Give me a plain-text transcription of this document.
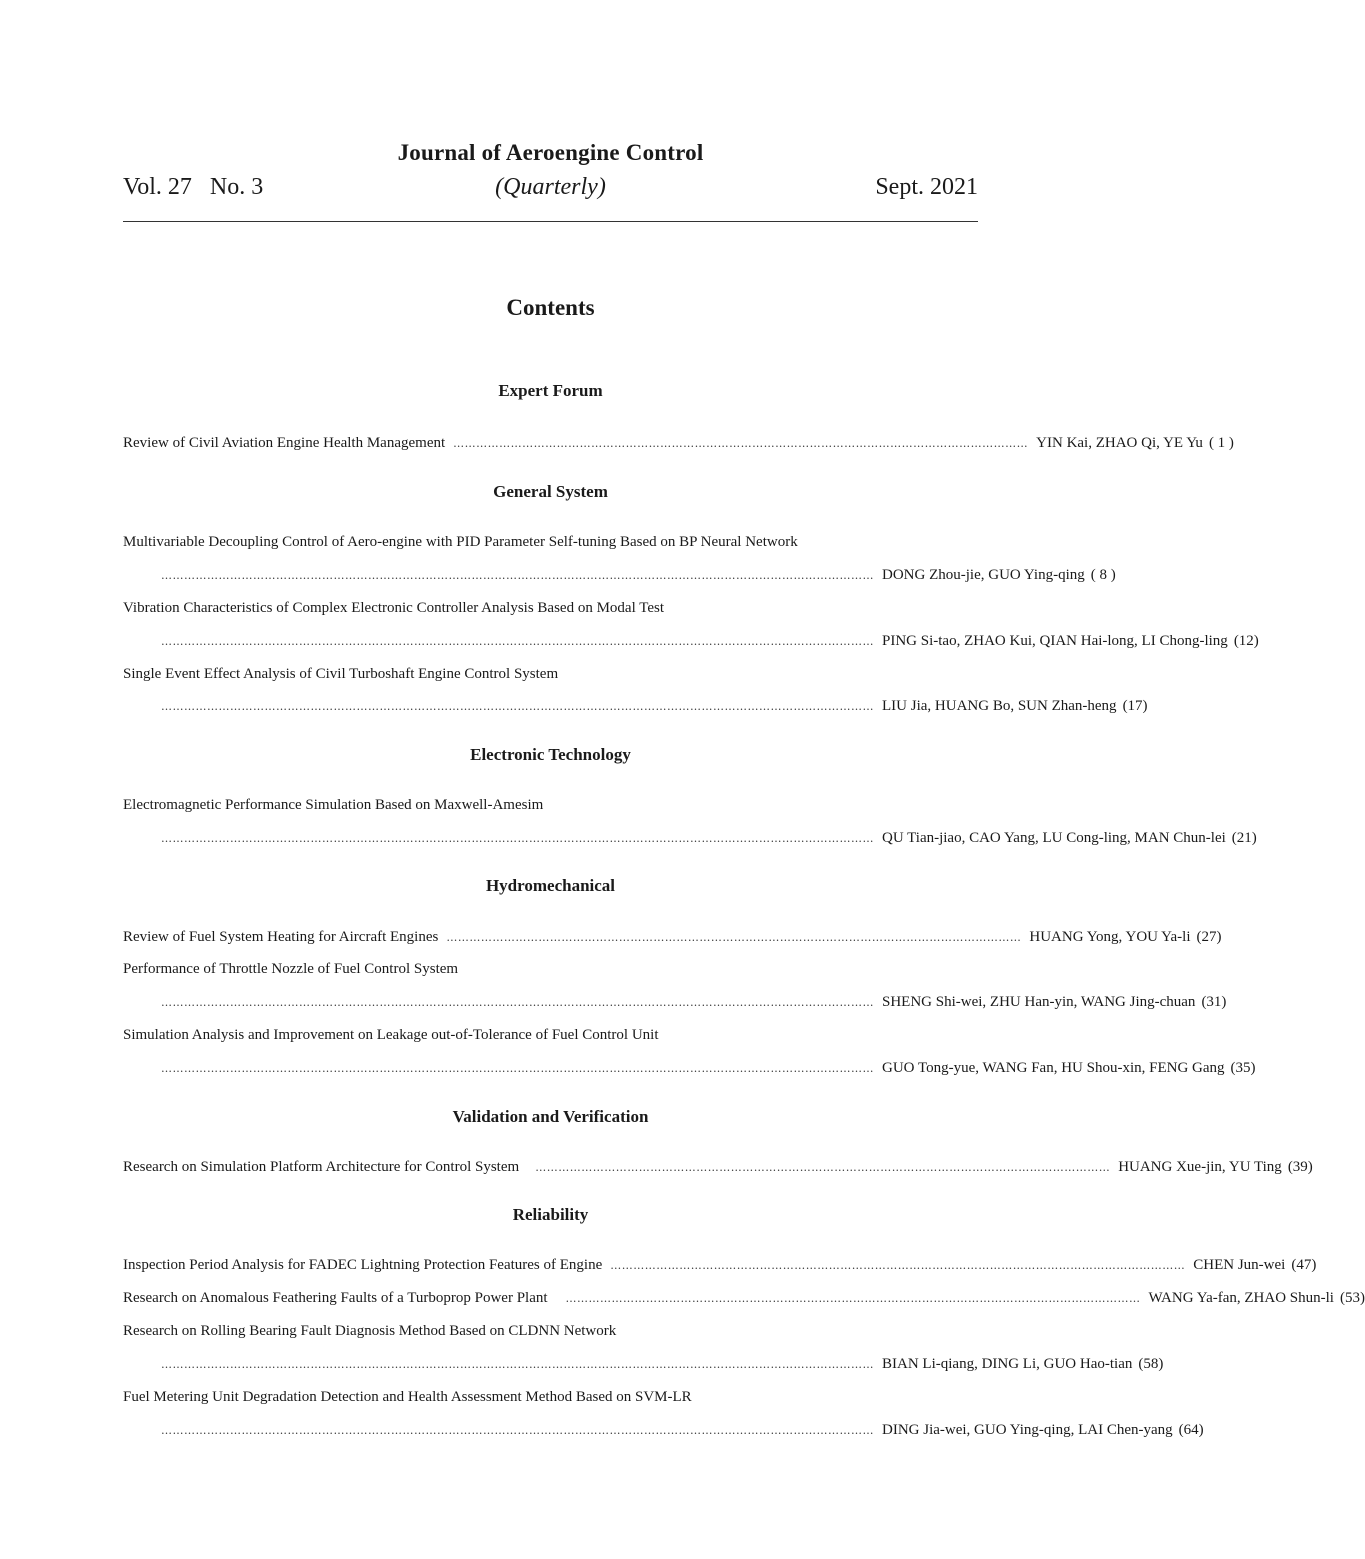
Journal of Aeroengine Control
Vol. 27 No. 3	(Quarterly)	Sept. 2021
Contents
Expert Forum
Review of Civil Aviation Engine Health Management …………………………………………………………………………………………………………………………………… YIN Kai, ZHAO Qi, YE Yu ( 1 )
General System
Multivariable Decoupling Control of Aero-engine with PID Parameter Self-tuning Based on BP Neural Network
…………………………………………………………………………………………………………………………………………………………………… DONG Zhou-jie, GUO Ying-qing ( 8 )
Vibration Characteristics of Complex Electronic Controller Analysis Based on Modal Test
…………………………………………………………………………………………………………………………………………………………………… PING Si-tao, ZHAO Kui, QIAN Hai-long, LI Chong-ling (12)
Single Event Effect Analysis of Civil Turboshaft Engine Control System
…………………………………………………………………………………………………………………………………………………………………… LIU Jia, HUANG Bo, SUN Zhan-heng (17)
Electronic Technology
Electromagnetic Performance Simulation Based on Maxwell-Amesim
…………………………………………………………………………………………………………………………………………………………………… QU Tian-jiao, CAO Yang, LU Cong-ling, MAN Chun-lei (21)
Hydromechanical
Review of Fuel System Heating for Aircraft Engines …………………………………………………………………………………………………………………………………… HUANG Yong, YOU Ya-li (27)
Performance of Throttle Nozzle of Fuel Control System
…………………………………………………………………………………………………………………………………………………………………… SHENG Shi-wei, ZHU Han-yin, WANG Jing-chuan (31)
Simulation Analysis and Improvement on Leakage out-of-Tolerance of Fuel Control Unit
…………………………………………………………………………………………………………………………………………………………………… GUO Tong-yue, WANG Fan, HU Shou-xin, FENG Gang (35)
Validation and Verification
Research on Simulation Platform Architecture for Control System …………………………………………………………………………………………………………………………………… HUANG Xue-jin, YU Ting (39)
Reliability
Inspection Period Analysis for FADEC Lightning Protection Features of Engine …………………………………………………………………………………………………………………………………… CHEN Jun-wei (47)
Research on Anomalous Feathering Faults of a Turboprop Power Plant …………………………………………………………………………………………………………………………………… WANG Ya-fan, ZHAO Shun-li (53)
Research on Rolling Bearing Fault Diagnosis Method Based on CLDNN Network
…………………………………………………………………………………………………………………………………………………………………… BIAN Li-qiang, DING Li, GUO Hao-tian (58)
Fuel Metering Unit Degradation Detection and Health Assessment Method Based on SVM-LR
…………………………………………………………………………………………………………………………………………………………………… DING Jia-wei, GUO Ying-qing, LAI Chen-yang (64)
